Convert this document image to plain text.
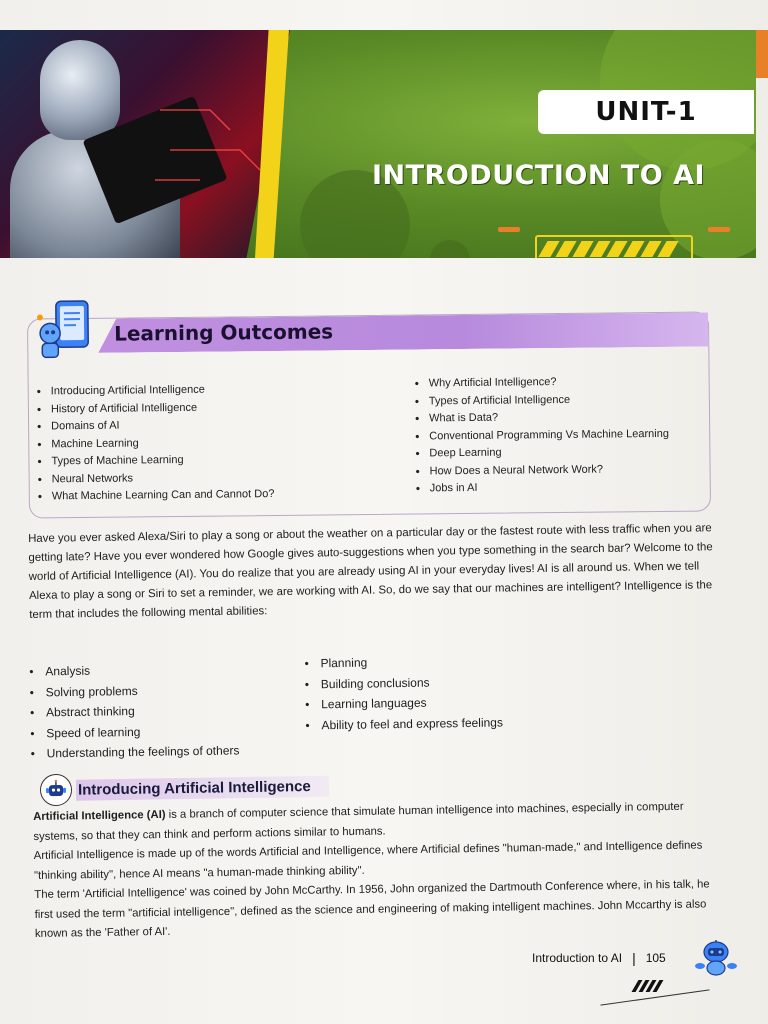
UNIT-1
INTRODUCTION TO AI
Learning Outcomes
• Introducing Artificial Intelligence
• History of Artificial Intelligence
• Domains of AI
• Machine Learning
• Types of Machine Learning
• Neural Networks
• What Machine Learning Can and Cannot Do?
• Why Artificial Intelligence?
• Types of Artificial Intelligence
• What is Data?
• Conventional Programming Vs Machine Learning
• Deep Learning
• How Does a Neural Network Work?
• Jobs in AI

Have you ever asked Alexa/Siri to play a song or about the weather on a particular day or the fastest route with less traffic when you are getting late? Have you ever wondered how Google gives auto-suggestions when you type something in the search bar? Welcome to the world of Artificial Intelligence (AI). You do realize that you are already using AI in your everyday lives! AI is all around us. When we tell Alexa to play a song or Siri to set a reminder, we are working with AI. So, do we say that our machines are intelligent? Intelligence is the term that includes the following mental abilities:

• Analysis
• Solving problems
• Abstract thinking
• Speed of learning
• Understanding the feelings of others
• Planning
• Building conclusions
• Learning languages
• Ability to feel and express feelings
Introducing Artificial Intelligence

Artificial Intelligence (AI) is a branch of computer science that simulate human intelligence into machines, especially in computer systems, so that they can think and perform actions similar to humans.

Artificial Intelligence is made up of the words Artificial and Intelligence, where Artificial defines "human-made," and Intelligence defines "thinking ability", hence AI means "a human-made thinking ability".

The term 'Artificial Intelligence' was coined by John McCarthy. In 1956, John organized the Dartmouth Conference where, in his talk, he first used the term "artificial intelligence", defined as the science and engineering of making intelligent machines. John Mccarthy is also known as the 'Father of AI'.

Introduction to AI | 105
